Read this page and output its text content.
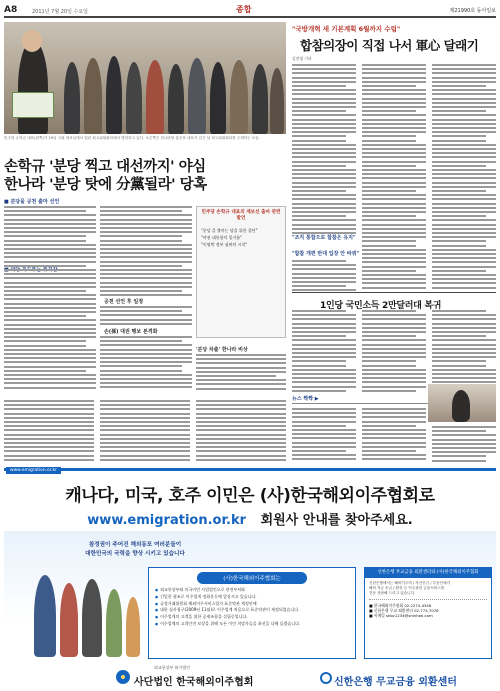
A8	2011년 7월 20일 수요일	종합	제21990호 동아일보
민주당 손학규 대표(왼쪽)가 19일 국회 대표실에서 열린 최고위원회의에서 발언하고 있다. 오른쪽은 한나라당 홍준표 대표가 같은 날 최고위원회의를 주재하는 모습.
손학규 '분당 찍고 대선까지' 야심
한나라 '분당 탓에 分黨될라' 당혹
■ 분당을 공천 출마 선언
공천 선언 후 일정
손(孫) 대권 행보 본격화
'분당 차출' 한나라 비상
민주당 손학규 대표의 재보선 출마 관련 발언
"분당 을 출마는 당을 위한 결단"
"야권 대통합의 밑거름"
"이명박 정부 심판의 시작"
"국방개혁 새 기본계획 6월까지 수립"
합참의장이 직접 나서 軍心 달래기
김진영 기자
"조직 통합으로 합참은 유지"
"합참 개편 반대 입장 안 바꿔"
1인당 국민소득 2만달러대 복귀
뉴스 짝짝 ▶
www.emigration.or.kr
캐나다, 미국, 호주 이민은 (사)한국해외이주협회로
www.emigration.or.kr 회원사 안내를 찾아주세요.
참정권이 주어진 해외동포 여러분들이
대한민국의 국력을 향상 시키고 있습니다
(사)한국해외이주협회는
● 외교통상부와 미국이민 사업법인으로 관련부처와
● 긴밀한 협조로 이주업계 정화운동에 앞장서고 있습니다.
● 공정거래위원회 해외이주서비스업자 표준약관 제정안에
● 대한 심사청구(2009년 11월)로 이주업계 처음으로 표준약관이 제정되었습니다.
● 이주업계의 고객을 위한 공제조합을 설립중입니다.
● 이주업체의 고객안전 보장을 위해 모든 이민 희망자들을 최선을 다해 돕겠습니다.
신한은행 무교금융 외환센터와 (사)한국해외이주협회
신한은행에서는 해외이주비 / 자산송금 / 부동산매각
해외 자금 송금 / 환전 등 이주관련 금융서비스를
전문 상담해 드리고 있습니다.
■ 한국해외이주협회 02-2274-4346
■ 신한은행 무교 외환센터 02-773-7076
■ 이메일 shbc1234@shinhan.com
외교통상부 허가법인
사단법인 한국해외이주협회	신한은행 무교금융 외환센터
